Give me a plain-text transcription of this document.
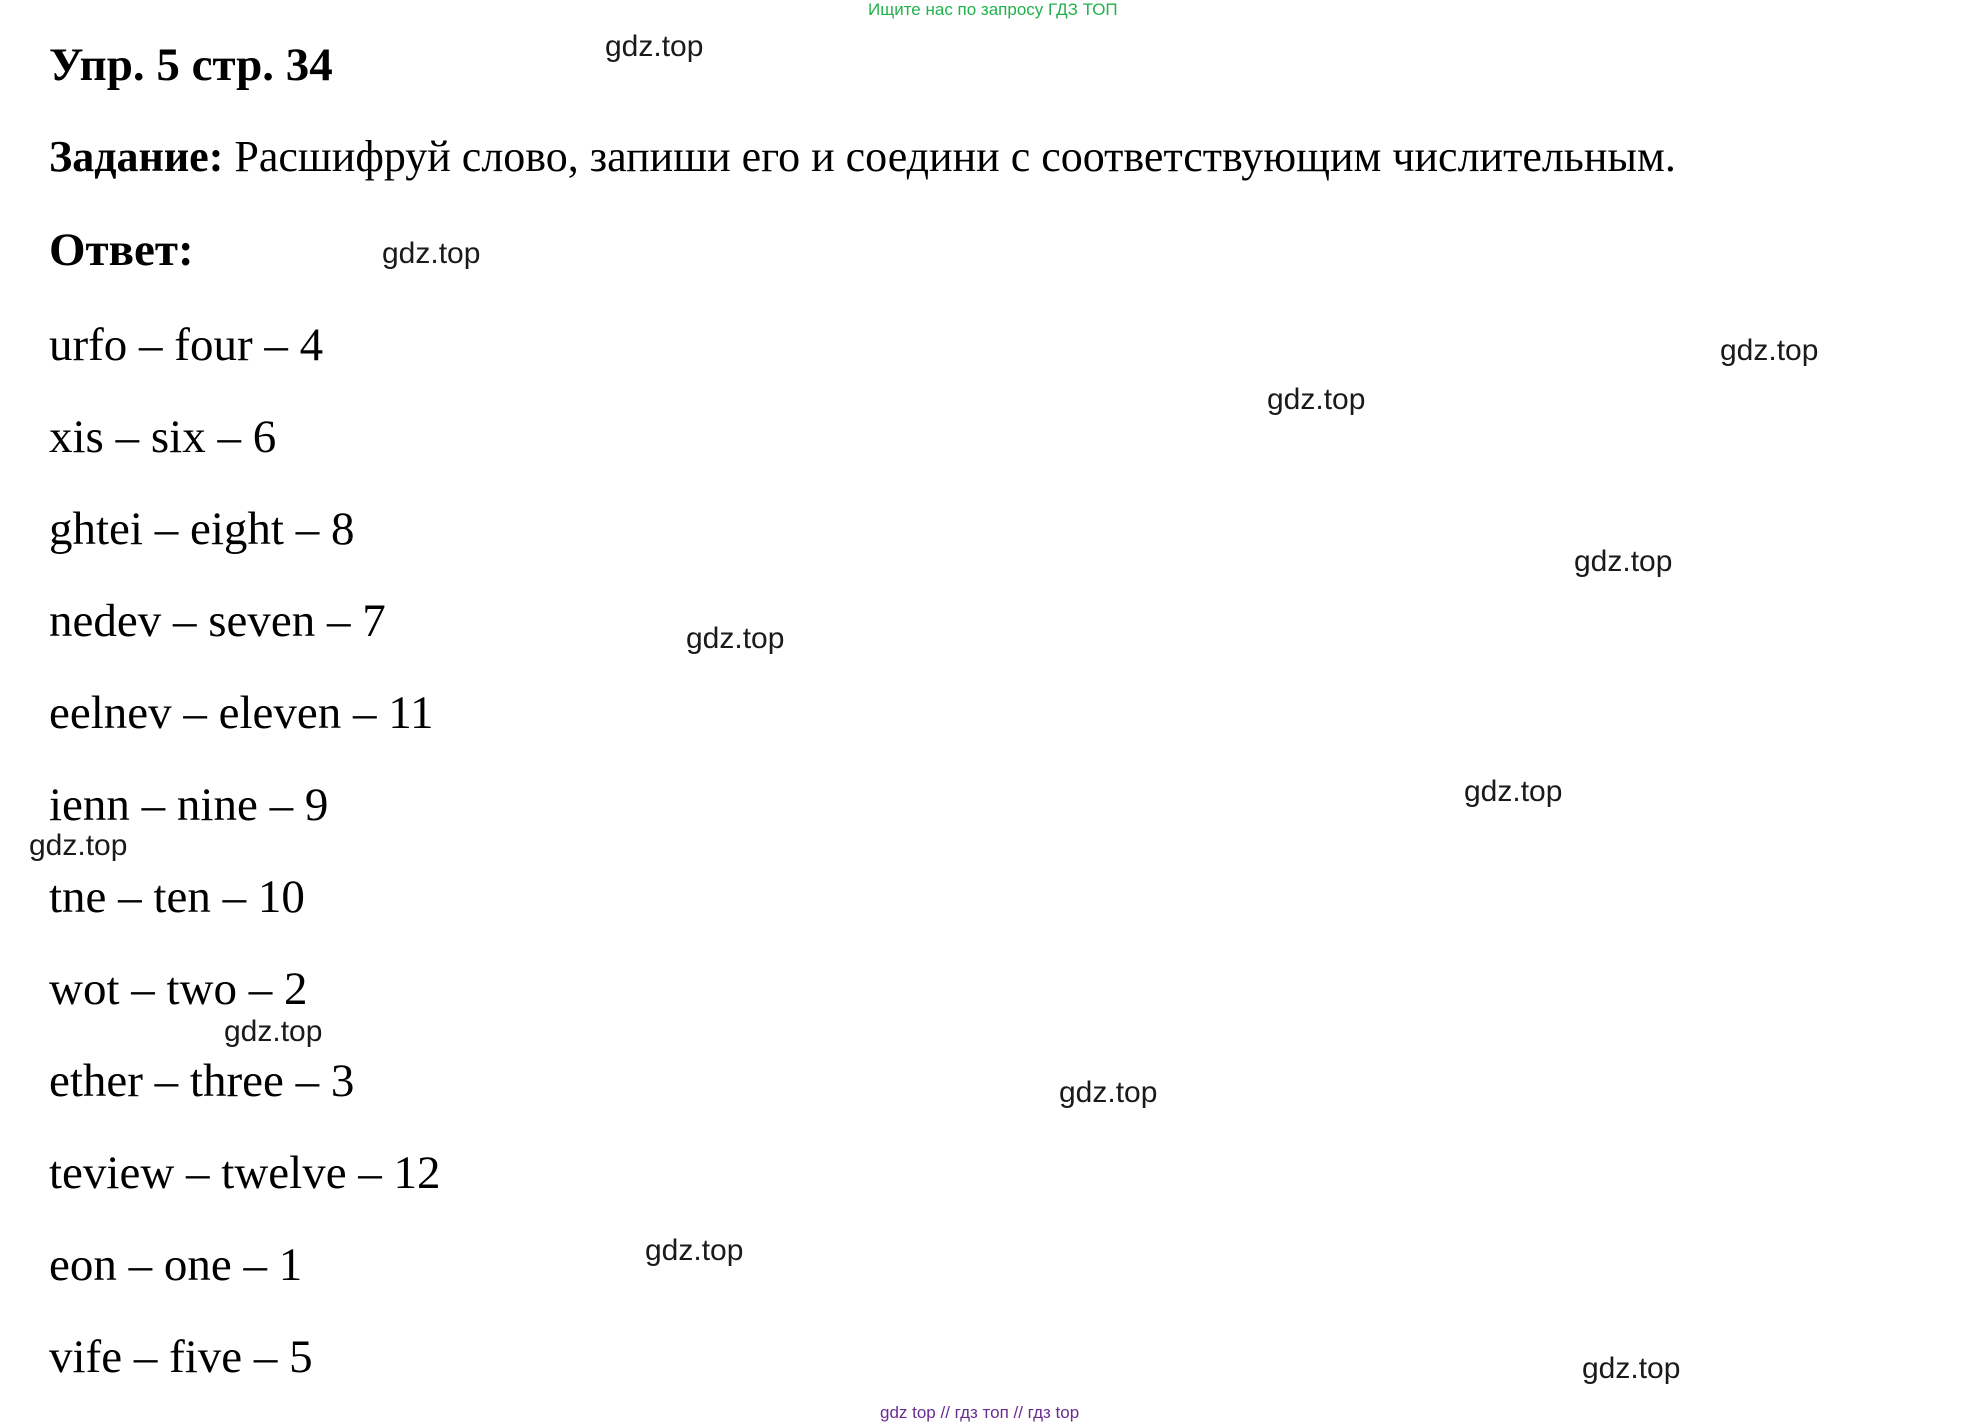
Ищите нас по запросу ГДЗ ТОП
Упр. 5 стр. 34
Задание: Расшифруй слово, запиши его и соедини с соответствующим числительным.
Ответ:
urfo – four – 4
xis – six – 6
ghtei – eight – 8
nedev – seven – 7
eelnev – eleven – 11
ienn – nine – 9
tne – ten – 10
wot – two – 2
ether – three – 3
teview – twelve – 12
eon – one – 1
vife – five – 5
gdz.top
gdz.top
gdz.top
gdz.top
gdz.top
gdz.top
gdz.top
gdz.top
gdz.top
gdz.top
gdz.top
gdz.top
gdz top // гдз топ // гдз top
